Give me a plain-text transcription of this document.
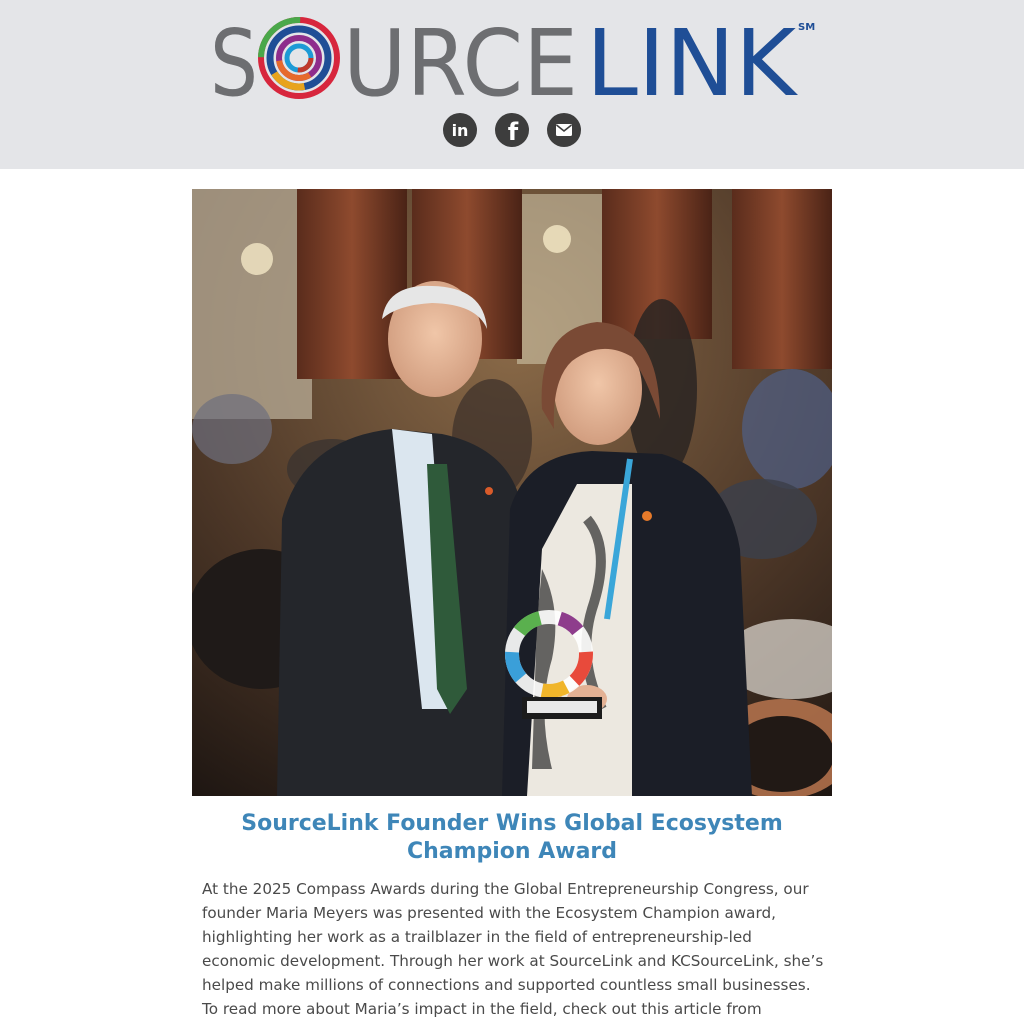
S URCE LINK SM
in f
SourceLink Founder Wins Global Ecosystem Champion Award

At the 2025 Compass Awards during the Global Entrepreneurship Congress, our founder Maria Meyers was presented with the Ecosystem Champion award, highlighting her work as a trailblazer in the field of entrepreneurship-led economic development. Through her work at SourceLink and KCSourceLink, she’s helped make millions of connections and supported countless small businesses. To read more about Maria’s impact in the field, check out this article from
